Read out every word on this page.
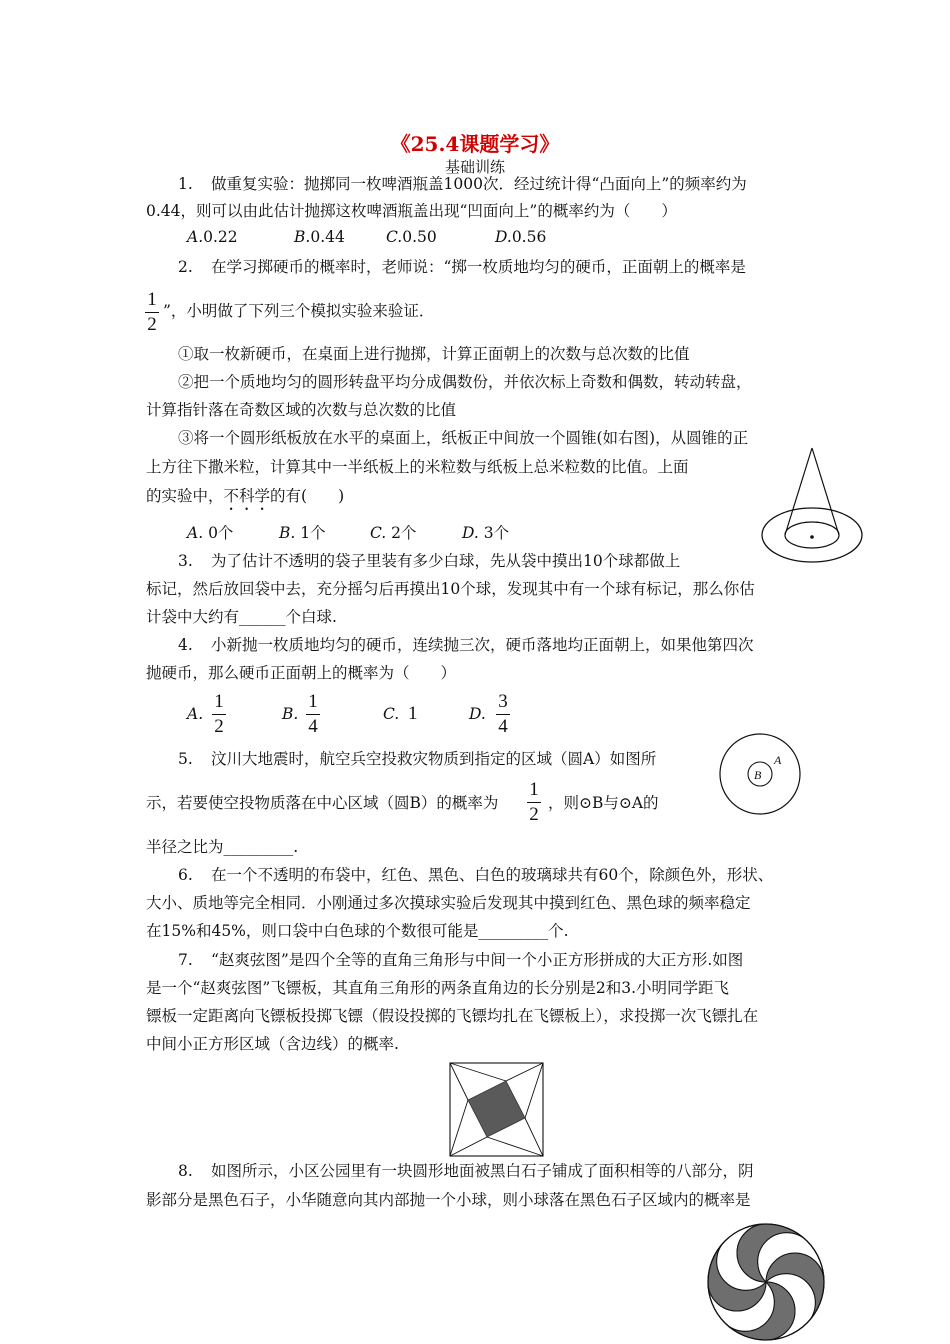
《25.4课题学习》
基础训练
1. 做重复实验：抛掷同一枚啤酒瓶盖1000次．经过统计得“凸面向上”的频率约为
0.44，则可以由此估计抛掷这枚啤酒瓶盖出现“凹面向上”的概率约为（　　）
A.0.22	B.0.44	C.0.50	D.0.56
2. 在学习掷硬币的概率时，老师说：“掷一枚质地均匀的硬币，正面朝上的概率是
1
2
”，小明做了下列三个模拟实验来验证．
①取一枚新硬币，在桌面上进行抛掷，计算正面朝上的次数与总次数的比值
②把一个质地均匀的圆形转盘平均分成偶数份，并依次标上奇数和偶数，转动转盘，
计算指针落在奇数区域的次数与总次数的比值
③将一个圆形纸板放在水平的桌面上，纸板正中间放一个圆锥(如右图)，从圆锥的正
上方往下撒米粒，计算其中一半纸板上的米粒数与纸板上总米粒数的比值。上面
的实验中，不科学的有(　　)
A. 0个	B. 1个	C. 2个	D. 3个
3. 为了估计不透明的袋子里装有多少白球，先从袋中摸出10个球都做上
标记，然后放回袋中去，充分摇匀后再摸出10个球，发现其中有一个球有标记，那么你估
计袋中大约有______个白球.
4. 小新抛一枚质地均匀的硬币，连续抛三次，硬币落地均正面朝上，如果他第四次
抛硬币，那么硬币正面朝上的概率为（　　）
A.
1
2
B.
1
4
C. 1	D.
3
4
5. 汶川大地震时，航空兵空投救灾物质到指定的区域（圆A）如图所
示，若要使空投物质落在中心区域（圆B）的概率为
1
2
，则⊙B与⊙A的
半径之比为_________.
B
A
6. 在一个不透明的布袋中，红色、黑色、白色的玻璃球共有60个，除颜色外，形状、
大小、质地等完全相同．小刚通过多次摸球实验后发现其中摸到红色、黑色球的频率稳定
在15%和45%，则口袋中白色球的个数很可能是_________个.
7. “赵爽弦图”是四个全等的直角三角形与中间一个小正方形拼成的大正方形.如图
是一个“赵爽弦图”飞镖板，其直角三角形的两条直角边的长分别是2和3.小明同学距飞
镖板一定距离向飞镖板投掷飞镖（假设投掷的飞镖均扎在飞镖板上），求投掷一次飞镖扎在
中间小正方形区域（含边线）的概率.
8. 如图所示，小区公园里有一块圆形地面被黑白石子铺成了面积相等的八部分，阴
影部分是黑色石子，小华随意向其内部抛一个小球，则小球落在黑色石子区域内的概率是
